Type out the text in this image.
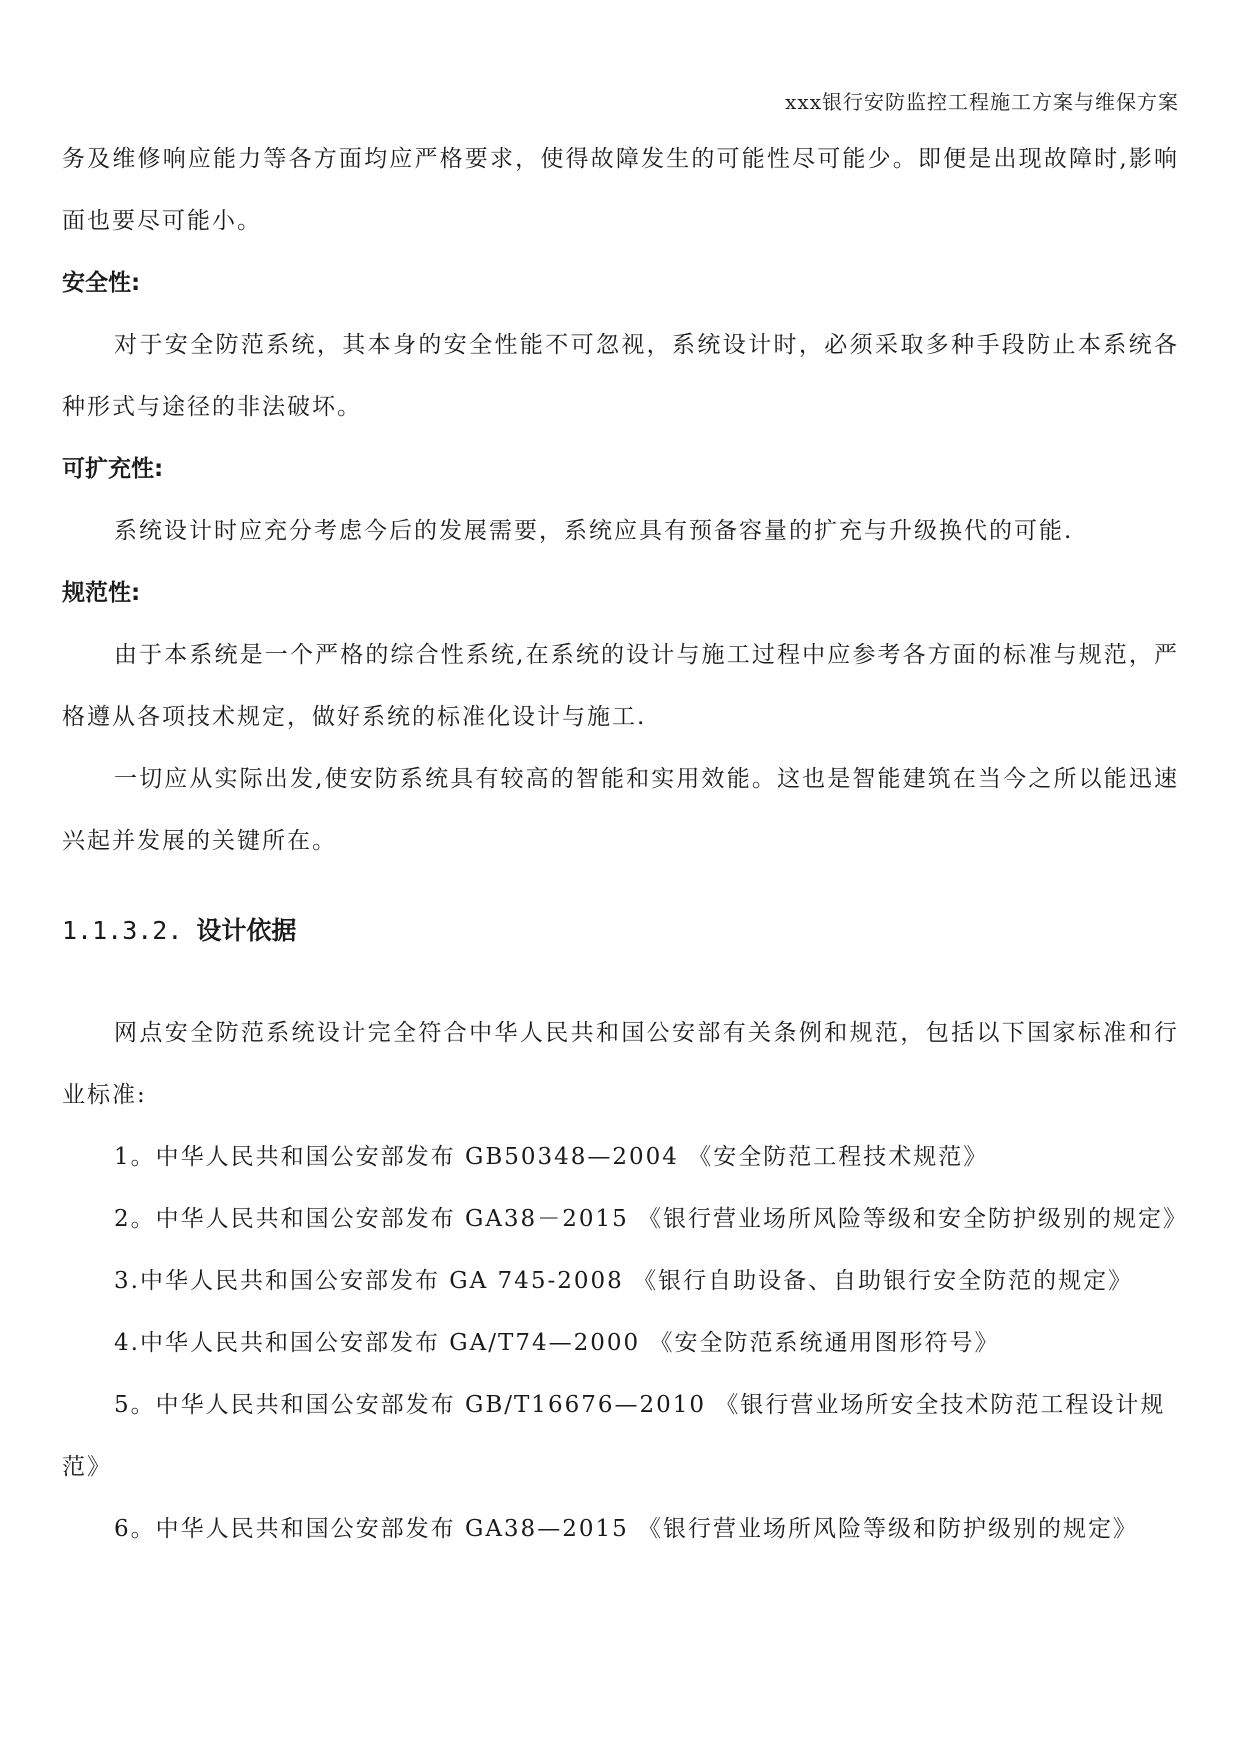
xxx银行安防监控工程施工方案与维保方案

务及维修响应能力等各方面均应严格要求，使得故障发生的可能性尽可能少。即便是出现故障时,影响面也要尽可能小。

安全性:

对于安全防范系统，其本身的安全性能不可忽视，系统设计时，必须采取多种手段防止本系统各种形式与途径的非法破坏。

可扩充性:

系统设计时应充分考虑今后的发展需要，系统应具有预备容量的扩充与升级换代的可能.

规范性:

由于本系统是一个严格的综合性系统,在系统的设计与施工过程中应参考各方面的标准与规范，严格遵从各项技术规定，做好系统的标准化设计与施工.

一切应从实际出发,使安防系统具有较高的智能和实用效能。这也是智能建筑在当今之所以能迅速兴起并发展的关键所在。

1.1.3.2. 设计依据

网点安全防范系统设计完全符合中华人民共和国公安部有关条例和规范，包括以下国家标准和行业标准:

1。中华人民共和国公安部发布 GB50348—2004 《安全防范工程技术规范》

2。中华人民共和国公安部发布 GA38－2015 《银行营业场所风险等级和安全防护级别的规定》

3.中华人民共和国公安部发布 GA 745-2008 《银行自助设备、自助银行安全防范的规定》

4.中华人民共和国公安部发布 GA/T74—2000 《安全防范系统通用图形符号》

5。中华人民共和国公安部发布 GB/T16676—2010 《银行营业场所安全技术防范工程设计规范》

6。中华人民共和国公安部发布 GA38—2015 《银行营业场所风险等级和防护级别的规定》
